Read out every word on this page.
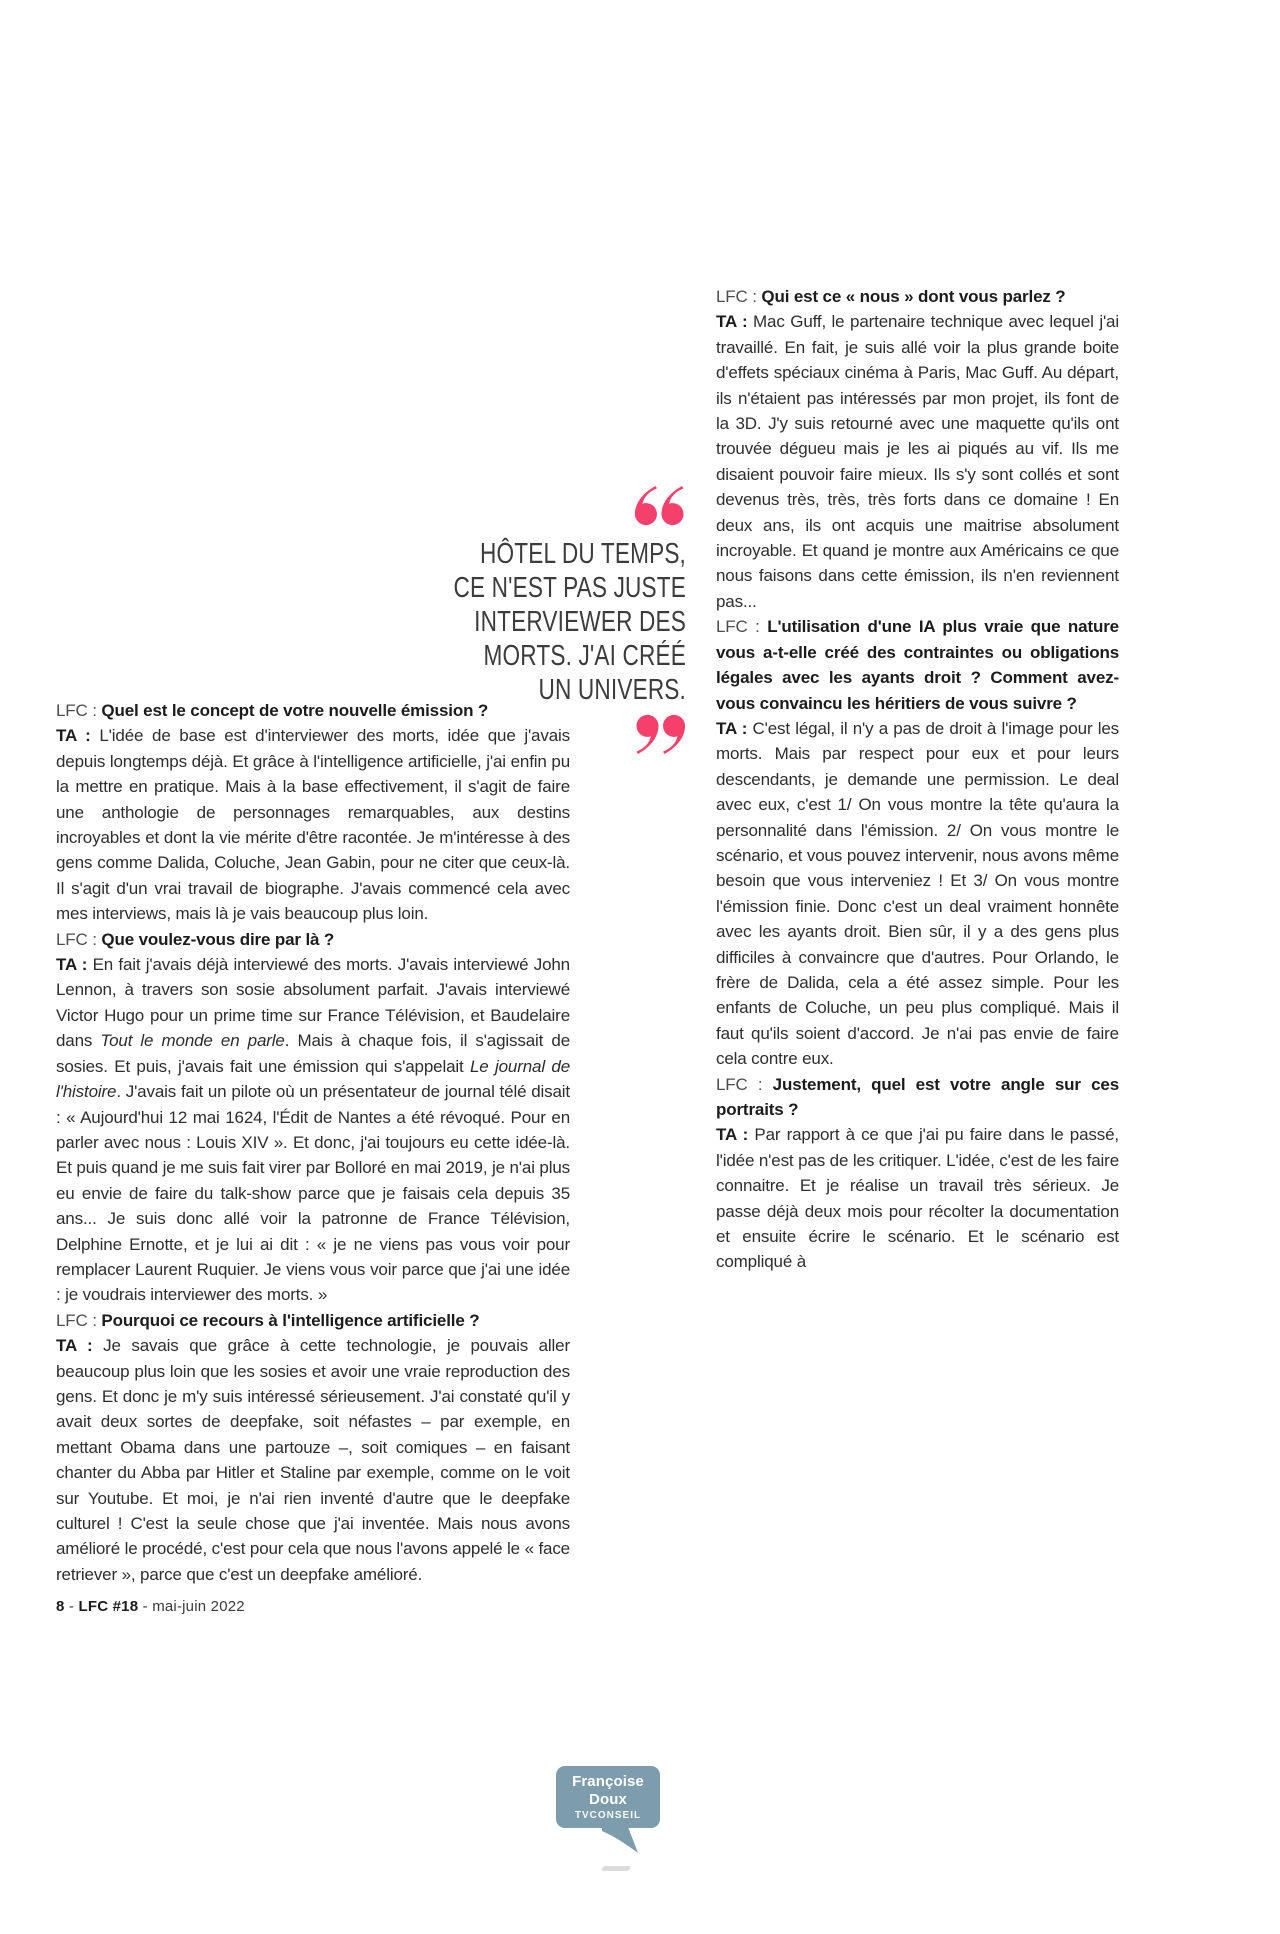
HÔTEL DU TEMPS,
CE N'EST PAS JUSTE
INTERVIEWER DES
MORTS. J'AI CRÉÉ
UN UNIVERS.

LFC : Quel est le concept de votre nouvelle émission ?

TA : L'idée de base est d'interviewer des morts, idée que j'avais depuis longtemps déjà. Et grâce à l'intelligence artificielle, j'ai enfin pu la mettre en pratique. Mais à la base effectivement, il s'agit de faire une anthologie de personnages remarquables, aux destins incroyables et dont la vie mérite d'être racontée. Je m'intéresse à des gens comme Dalida, Coluche, Jean Gabin, pour ne citer que ceux-là. Il s'agit d'un vrai travail de biographe. J'avais commencé cela avec mes interviews, mais là je vais beaucoup plus loin.

LFC : Que voulez-vous dire par là ?

TA : En fait j'avais déjà interviewé des morts. J'avais interviewé John Lennon, à travers son sosie absolument parfait. J'avais interviewé Victor Hugo pour un prime time sur France Télévision, et Baudelaire dans Tout le monde en parle. Mais à chaque fois, il s'agissait de sosies. Et puis, j'avais fait une émission qui s'appelait Le journal de l'histoire. J'avais fait un pilote où un présentateur de journal télé disait : « Aujourd'hui 12 mai 1624, l'Édit de Nantes a été révoqué. Pour en parler avec nous : Louis XIV ». Et donc, j'ai toujours eu cette idée-là. Et puis quand je me suis fait virer par Bolloré en mai 2019, je n'ai plus eu envie de faire du talk-show parce que je faisais cela depuis 35 ans... Je suis donc allé voir la patronne de France Télévision, Delphine Ernotte, et je lui ai dit : « je ne viens pas vous voir pour remplacer Laurent Ruquier. Je viens vous voir parce que j'ai une idée : je voudrais interviewer des morts. »

LFC : Pourquoi ce recours à l'intelligence artificielle ?

TA : Je savais que grâce à cette technologie, je pouvais aller beaucoup plus loin que les sosies et avoir une vraie reproduction des gens. Et donc je m'y suis intéressé sérieusement. J'ai constaté qu'il y avait deux sortes de deepfake, soit néfastes – par exemple, en mettant Obama dans une partouze –, soit comiques – en faisant chanter du Abba par Hitler et Staline par exemple, comme on le voit sur Youtube. Et moi, je n'ai rien inventé d'autre que le deepfake culturel ! C'est la seule chose que j'ai inventée. Mais nous avons amélioré le procédé, c'est pour cela que nous l'avons appelé le « face retriever », parce que c'est un deepfake amélioré.

LFC : Qui est ce « nous » dont vous parlez ?

TA : Mac Guff, le partenaire technique avec lequel j'ai travaillé. En fait, je suis allé voir la plus grande boite d'effets spéciaux cinéma à Paris, Mac Guff. Au départ, ils n'étaient pas intéressés par mon projet, ils font de la 3D. J'y suis retourné avec une maquette qu'ils ont trouvée dégueu mais je les ai piqués au vif. Ils me disaient pouvoir faire mieux. Ils s'y sont collés et sont devenus très, très, très forts dans ce domaine ! En deux ans, ils ont acquis une maitrise absolument incroyable. Et quand je montre aux Américains ce que nous faisons dans cette émission, ils n'en reviennent pas...

LFC : L'utilisation d'une IA plus vraie que nature vous a-t-elle créé des contraintes ou obligations légales avec les ayants droit ? Comment avez-vous convaincu les héritiers de vous suivre ?

TA : C'est légal, il n'y a pas de droit à l'image pour les morts. Mais par respect pour eux et pour leurs descendants, je demande une permission. Le deal avec eux, c'est 1/ On vous montre la tête qu'aura la personnalité dans l'émission. 2/ On vous montre le scénario, et vous pouvez intervenir, nous avons même besoin que vous interveniez ! Et 3/ On vous montre l'émission finie. Donc c'est un deal vraiment honnête avec les ayants droit. Bien sûr, il y a des gens plus difficiles à convaincre que d'autres. Pour Orlando, le frère de Dalida, cela a été assez simple. Pour les enfants de Coluche, un peu plus compliqué. Mais il faut qu'ils soient d'accord. Je n'ai pas envie de faire cela contre eux.

LFC : Justement, quel est votre angle sur ces portraits ?

TA : Par rapport à ce que j'ai pu faire dans le passé, l'idée n'est pas de les critiquer. L'idée, c'est de les faire connaitre. Et je réalise un travail très sérieux. Je passe déjà deux mois pour récolter la documentation et ensuite écrire le scénario. Et le scénario est compliqué à

8 - LFC #18 - mai-juin 2022
Françoise Doux
TVCONSEIL
